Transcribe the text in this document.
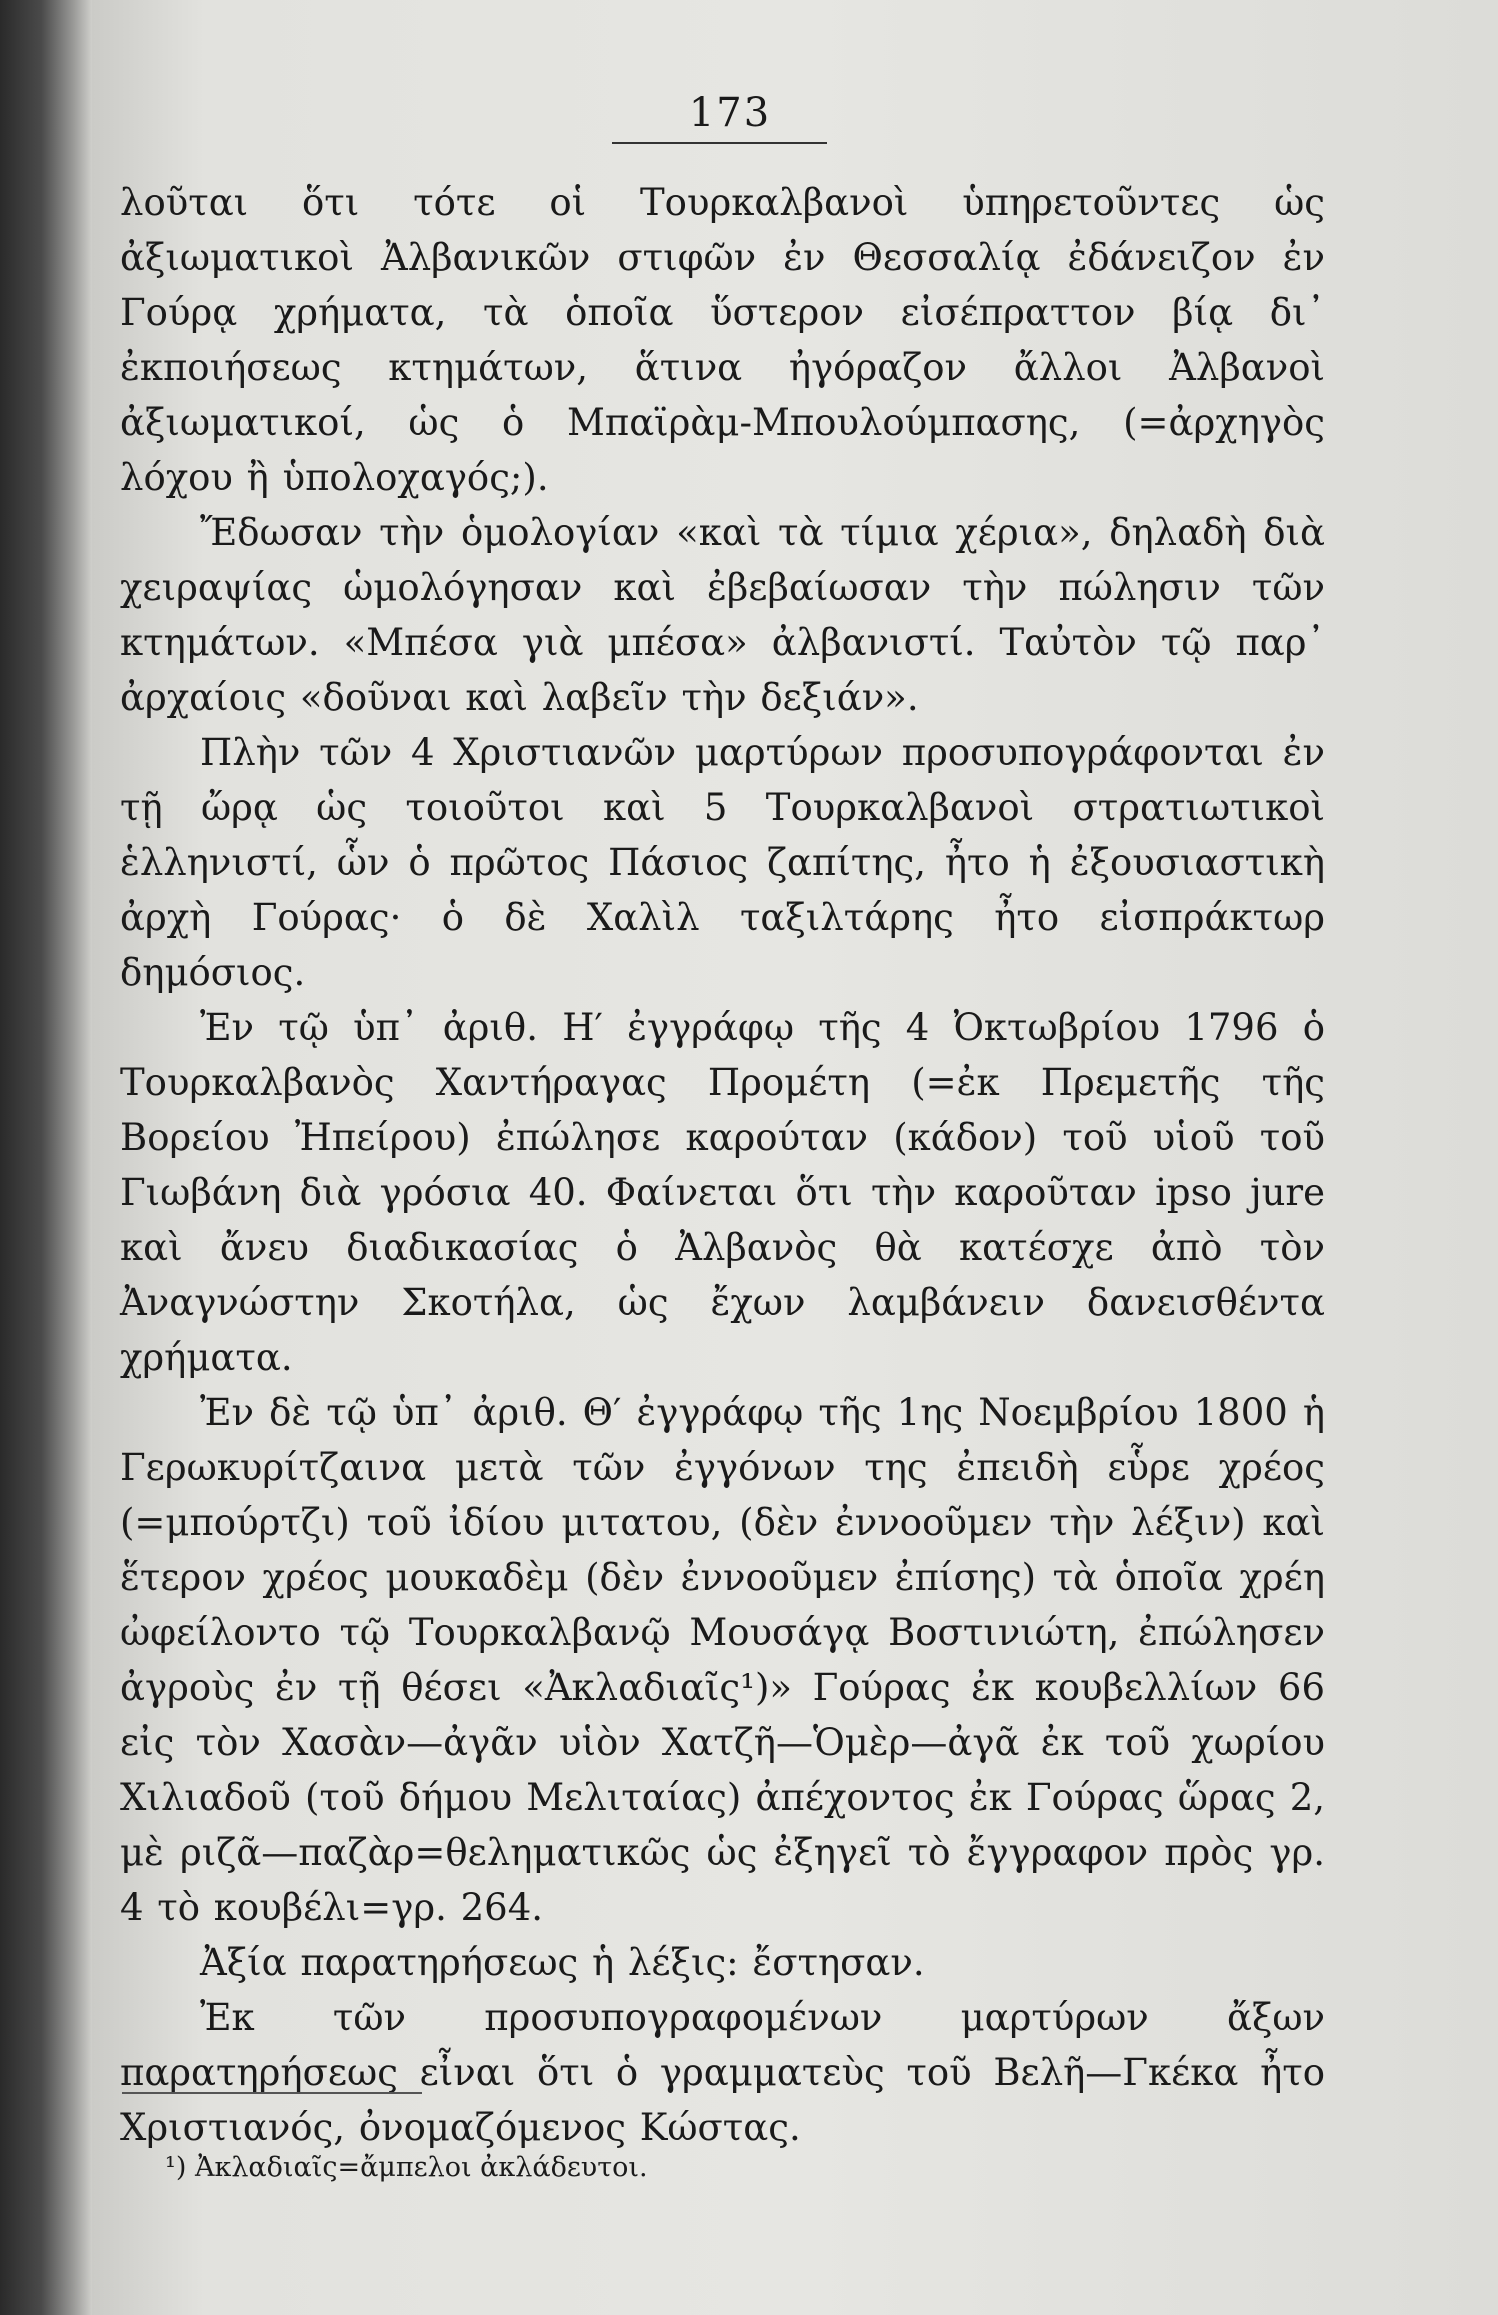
173

λοῦται ὅτι τότε οἱ Τουρκαλβανοὶ ὑπηρετοῦντες ὡς ἀξιωματικοὶ Ἀλβανικῶν στιφῶν ἐν Θεσσαλίᾳ ἐδάνειζον ἐν Γούρᾳ χρήματα, τὰ ὁποῖα ὕστερον εἰσέπραττον βίᾳ δι᾽ ἐκποιήσεως κτημάτων, ἅτινα ἠγόραζον ἄλλοι Ἀλβανοὶ ἀξιωματικοί, ὡς ὁ Μπαϊρὰμ-Μπουλούμπασης, (=ἀρχηγὸς λόχου ἢ ὑπολοχαγός;).

Ἔδωσαν τὴν ὁμολογίαν «καὶ τὰ τίμια χέρια», δηλαδὴ διὰ χειραψίας ὡμολόγησαν καὶ ἐβεβαίωσαν τὴν πώλησιν τῶν κτημάτων. «Μπέσα γιὰ μπέσα» ἀλβανιστί. Ταὐτὸν τῷ παρ᾽ ἀρχαίοις «δοῦναι καὶ λαβεῖν τὴν δεξιάν».

Πλὴν τῶν 4 Χριστιανῶν μαρτύρων προσυπογράφονται ἐν τῇ ὤρᾳ ὡς τοιοῦτοι καὶ 5 Τουρκαλβανοὶ στρατιωτικοὶ ἑλληνιστί, ὧν ὁ πρῶτος Πάσιος ζαπίτης, ἦτο ἡ ἐξουσιαστικὴ ἀρχὴ Γούρας· ὁ δὲ Χαλὶλ ταξιλτάρης ἦτο εἰσπράκτωρ δημόσιος.

Ἐν τῷ ὑπ᾽ ἀριθ. Η′ ἐγγράφῳ τῆς 4 Ὀκτωβρίου 1796 ὁ Τουρκαλβανὸς Χαντήραγας Προμέτη (=ἐκ Πρεμετῆς τῆς Βορείου Ἠπείρου) ἐπώλησε καρούταν (κάδον) τοῦ υἱοῦ τοῦ Γιωβάνη διὰ γρόσια 40. Φαίνεται ὅτι τὴν καροῦταν ipso jure καὶ ἄνευ διαδικασίας ὁ Ἀλβανὸς θὰ κατέσχε ἀπὸ τὸν Ἀναγνώστην Σκοτήλα, ὡς ἔχων λαμβάνειν δανεισθέντα χρήματα.

Ἐν δὲ τῷ ὑπ᾽ ἀριθ. Θ′ ἐγγράφῳ τῆς 1ης Νοεμβρίου 1800 ἡ Γερωκυρίτζαινα μετὰ τῶν ἐγγόνων της ἐπειδὴ εὗρε χρέος (=μπούρτζι) τοῦ ἰδίου μιτατου, (δὲν ἐννοοῦμεν τὴν λέξιν) καὶ ἕτερον χρέος μουκαδὲμ (δὲν ἐννοοῦμεν ἐπίσης) τὰ ὁποῖα χρέη ὠφείλοντο τῷ Τουρκαλβανῷ Μουσάγᾳ Βοστινιώτη, ἐπώλησεν ἀγροὺς ἐν τῇ θέσει «Ἀκλαδιαῖς¹)» Γούρας ἐκ κουβελλίων 66 εἰς τὸν Χασὰν—ἀγᾶν υἱὸν Χατζῆ—Ὁμὲρ—ἀγᾶ ἐκ τοῦ χωρίου Χιλιαδοῦ (τοῦ δήμου Μελιταίας) ἀπέχοντος ἐκ Γούρας ὥρας 2, μὲ ριζᾶ—παζὰρ=θεληματικῶς ὡς ἐξηγεῖ τὸ ἔγγραφον πρὸς γρ. 4 τὸ κουβέλι=γρ. 264.

Ἀξία παρατηρήσεως ἡ λέξις: ἔστησαν.

Ἐκ τῶν προσυπογραφομένων μαρτύρων ἄξων παρατηρήσεως εἶναι ὅτι ὁ γραμματεὺς τοῦ Βελῆ—Γκέκα ἦτο Χριστιανός, ὀνομαζόμενος Κώστας.

¹) Ἀκλαδιαῖς=ἄμπελοι ἀκλάδευτοι.
